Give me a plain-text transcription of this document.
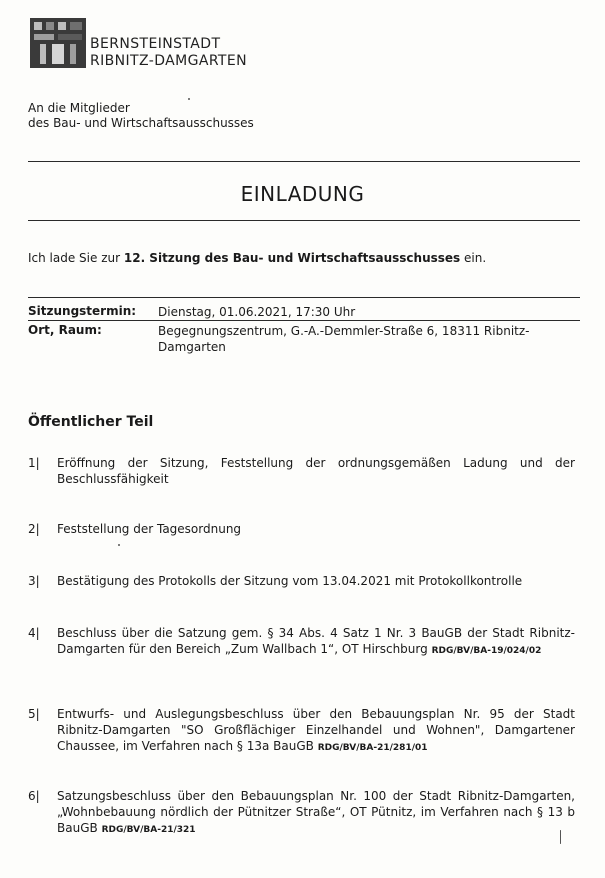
BERNSTEINSTADT
RIBNITZ-DAMGARTEN
An die Mitglieder
des Bau- und Wirtschaftsausschusses
EINLADUNG
Ich lade Sie zur 12. Sitzung des Bau- und Wirtschaftsausschusses ein.
Sitzungstermin: Dienstag, 01.06.2021, 17:30 Uhr
Ort, Raum:	Begegnungszentrum, G.-A.-Demmler-Straße 6, 18311 Ribnitz-Damgarten
Öffentlicher Teil
1| Eröffnung der Sitzung, Feststellung der ordnungsgemäßen Ladung und der Beschlussfähigkeit
2| Feststellung der Tagesordnung
3| Bestätigung des Protokolls der Sitzung vom 13.04.2021 mit Protokollkontrolle
4| Beschluss über die Satzung gem. § 34 Abs. 4 Satz 1 Nr. 3 BauGB der Stadt Ribnitz-Damgarten für den Bereich „Zum Wallbach 1“, OT Hirschburg RDG/BV/BA-19/024/02
5| Entwurfs- und Auslegungsbeschluss über den Bebauungsplan Nr. 95 der Stadt Ribnitz-Damgarten "SO Großflächiger Einzelhandel und Wohnen", Damgartener Chaussee, im Verfahren nach § 13a BauGB RDG/BV/BA-21/281/01
6| Satzungsbeschluss über den Bebauungsplan Nr. 100 der Stadt Ribnitz-Damgarten, „Wohnbebauung nördlich der Pütnitzer Straße“, OT Pütnitz, im Verfahren nach § 13 b BauGB RDG/BV/BA-21/321
